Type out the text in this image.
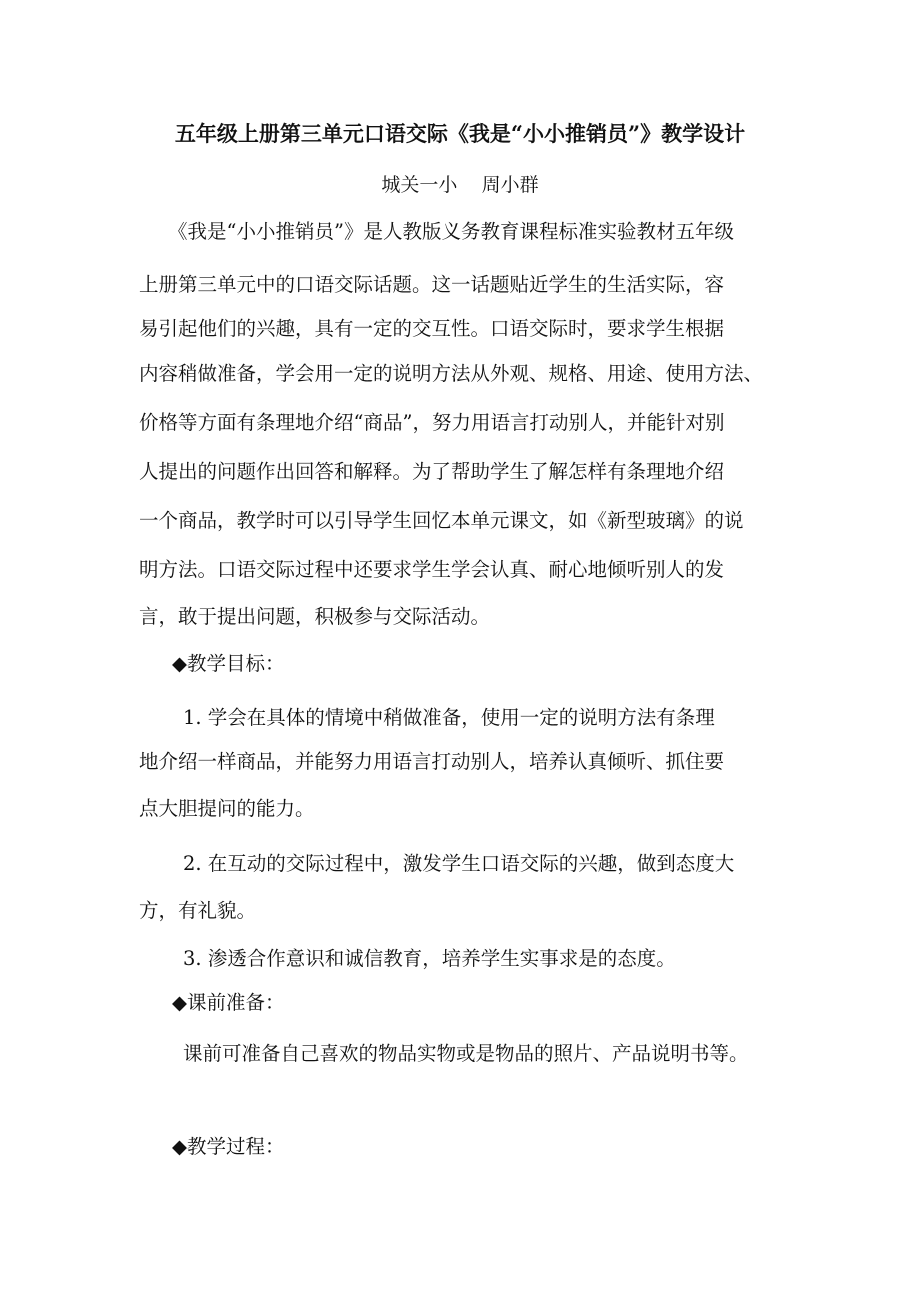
五年级上册第三单元口语交际《我是“小小推销员”》教学设计
城关一小    周小群
《我是“小小推销员”》是人教版义务教育课程标准实验教材五年级
上册第三单元中的口语交际话题。这一话题贴近学生的生活实际，容
易引起他们的兴趣，具有一定的交互性。口语交际时，要求学生根据
内容稍做准备，学会用一定的说明方法从外观、规格、用途、使用方法、
价格等方面有条理地介绍“商品”，努力用语言打动别人，并能针对别
人提出的问题作出回答和解释。为了帮助学生了解怎样有条理地介绍
一个商品，教学时可以引导学生回忆本单元课文，如《新型玻璃》的说
明方法。口语交际过程中还要求学生学会认真、耐心地倾听别人的发
言，敢于提出问题，积极参与交际活动。
◆教学目标：
1. 学会在具体的情境中稍做准备，使用一定的说明方法有条理
地介绍一样商品，并能努力用语言打动别人，培养认真倾听、抓住要
点大胆提问的能力。
2. 在互动的交际过程中，激发学生口语交际的兴趣，做到态度大
方，有礼貌。
3. 渗透合作意识和诚信教育，培养学生实事求是的态度。
◆课前准备：
课前可准备自己喜欢的物品实物或是物品的照片、产品说明书等。
◆教学过程：
